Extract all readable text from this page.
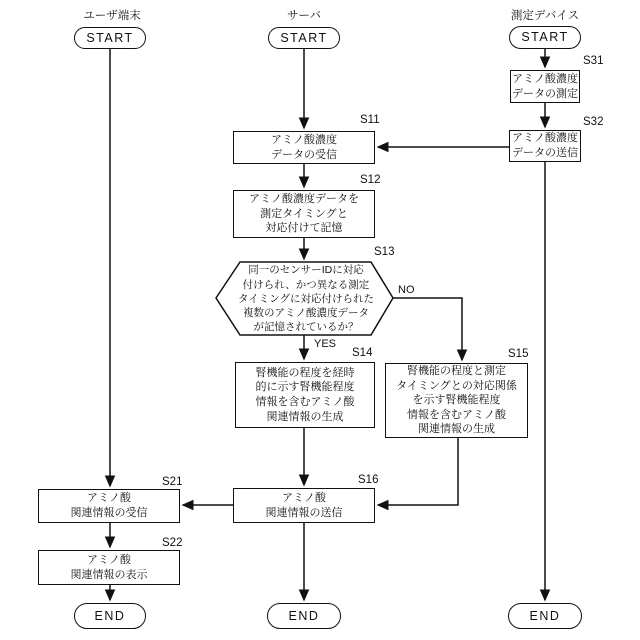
ユーザ端末	サーバ	測定デバイス
START	START	START
アミノ酸濃度
データの測定
アミノ酸濃度
データの送信
アミノ酸濃度
データの受信
アミノ酸濃度データを
測定タイミングと
対応付けて記憶
同一のセンサーIDに対応
付けられ、かつ異なる測定
タイミングに対応付けられた
複数のアミノ酸濃度データ
が記憶されているか？
腎機能の程度を経時
的に示す腎機能程度
情報を含むアミノ酸
関連情報の生成
腎機能の程度と測定
タイミングとの対応関係
を示す腎機能程度
情報を含むアミノ酸
関連情報の生成
アミノ酸
関連情報の送信
アミノ酸
関連情報の受信
アミノ酸
関連情報の表示
END	END	END
S11
S12
S13
S14	S15
S16
S21
S22
S31
S32
YES
NO
